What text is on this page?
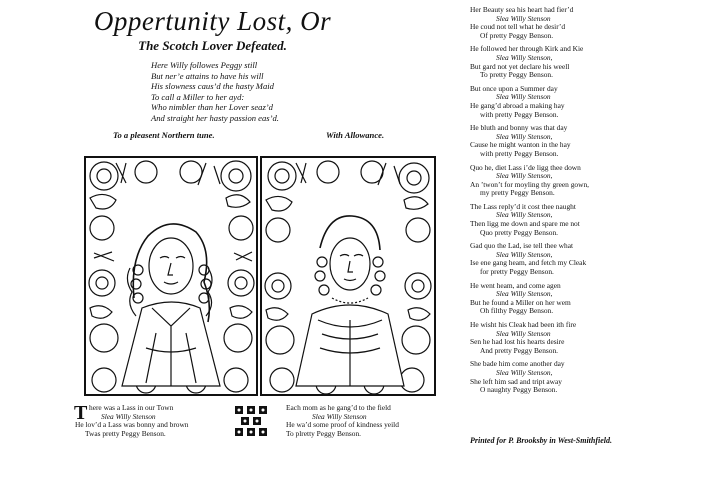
Oppertunity Lost, Or
The Scotch Lover Defeated.
Here Willy followes Peggy still
But ner’e attains to have his will
His slowness caus’d the hasty Maid
To call a Miller to her ayd:
Who nimbler than her Lover seaz’d
And straight her hasty passion eas’d.
To a pleasent Northern tune.	With Allowance.
T here was a Lass in our Town
Slea Willy Stenson
He lov’d a Lass was bonny and brown
Twas pretty Peggy Benson.
Each mom as he gang’d to the field
Slea Willy Stenson
He wa’d some proof of kindness yeild
To plretty Peggy Benson.
Her Beauty sea his heart had fier’d
Slea Willy Stenson
He coud not tell what he desir’d
Of pretty Peggy Benson.
He followed her through Kirk and Kie
Slea Willy Stenson,
But gard not yet declare his weell
To pretty Peggy Benson.
But once upon a Summer day
Slea Willy Stenson
He gang’d abroad a making hay
with pretty Peggy Benson.
He bluth and bonny was that day
Slea Willy Stenson,
Cause he might wanton in the hay
with pretty Peggy Benson.
Quo he, diet Lass i’de ligg thee down
Slea Willy Stenson,
An ’twon’t for moyling thy green gown,
my pretty Peggy Benson.
The Lass reply’d it cost thee naught
Slea Willy Stenson,
Then ligg me down and spare me not
Quo pretty Peggy Benson.
Gad quo the Lad, ise tell thee what
Slea Willy Stenson,
Ise ene gang heam, and fetch my Cleak
for pretty Peggy Benson.
He went heam, and come agen
Slea Willy Stenson,
But he found a Miller on her wem
Oh filthy Peggy Benson.
He wisht his Cleak had been ith fire
Slea Willy Stenson
Sen he had lost his hearts desire
And pretty Peggy Benson.
She bade him come another day
Slea Willy Stenson,
She left him sad and tript away
O naughty Peggy Benson.
Printed for P. Brooksby in West-Smithfield.
